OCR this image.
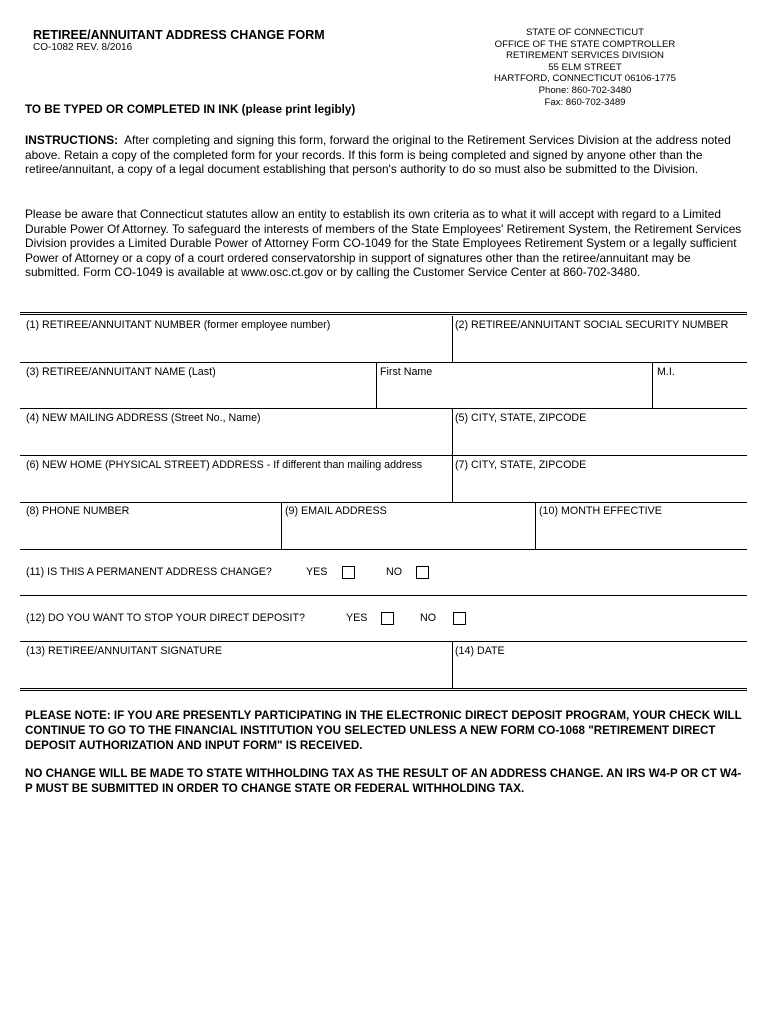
RETIREE/ANNUITANT ADDRESS CHANGE FORM
CO-1082 REV. 8/2016
STATE OF CONNECTICUT
OFFICE OF THE STATE COMPTROLLER
RETIREMENT SERVICES DIVISION
55 ELM STREET
HARTFORD, CONNECTICUT 06106-1775
Phone: 860-702-3480
Fax: 860-702-3489
TO BE TYPED OR COMPLETED IN INK (please print legibly)
INSTRUCTIONS: After completing and signing this form, forward the original to the Retirement Services Division at the address noted above. Retain a copy of the completed form for your records. If this form is being completed and signed by anyone other than the retiree/annuitant, a copy of a legal document establishing that person's authority to do so must also be submitted to the Division.
Please be aware that Connecticut statutes allow an entity to establish its own criteria as to what it will accept with regard to a Limited Durable Power Of Attorney. To safeguard the interests of members of the State Employees' Retirement System, the Retirement Services Division provides a Limited Durable Power of Attorney Form CO-1049 for the State Employees Retirement System or a legally sufficient Power of Attorney or a copy of a court ordered conservatorship in support of signatures other than the retiree/annuitant may be submitted. Form CO-1049 is available at www.osc.ct.gov or by calling the Customer Service Center at 860-702-3480.
(1) RETIREE/ANNUITANT NUMBER (former employee number)	(2) RETIREE/ANNUITANT SOCIAL SECURITY NUMBER
(3) RETIREE/ANNUITANT NAME (Last)	First Name	M.I.
(4) NEW MAILING ADDRESS (Street No., Name)	(5) CITY, STATE, ZIPCODE
(6) NEW HOME (PHYSICAL STREET) ADDRESS - If different than mailing address	(7) CITY, STATE, ZIPCODE
(8) PHONE NUMBER	(9) EMAIL ADDRESS	(10) MONTH EFFECTIVE
(11) IS THIS A PERMANENT ADDRESS CHANGE?	YES	NO
(12) DO YOU WANT TO STOP YOUR DIRECT DEPOSIT?	YES	NO
(13) RETIREE/ANNUITANT SIGNATURE	(14) DATE
PLEASE NOTE: IF YOU ARE PRESENTLY PARTICIPATING IN THE ELECTRONIC DIRECT DEPOSIT PROGRAM, YOUR CHECK WILL CONTINUE TO GO TO THE FINANCIAL INSTITUTION YOU SELECTED UNLESS A NEW FORM CO-1068 "RETIREMENT DIRECT DEPOSIT AUTHORIZATION AND INPUT FORM" IS RECEIVED.
NO CHANGE WILL BE MADE TO STATE WITHHOLDING TAX AS THE RESULT OF AN ADDRESS CHANGE. AN IRS W4-P OR CT W4-P MUST BE SUBMITTED IN ORDER TO CHANGE STATE OR FEDERAL WITHHOLDING TAX.
